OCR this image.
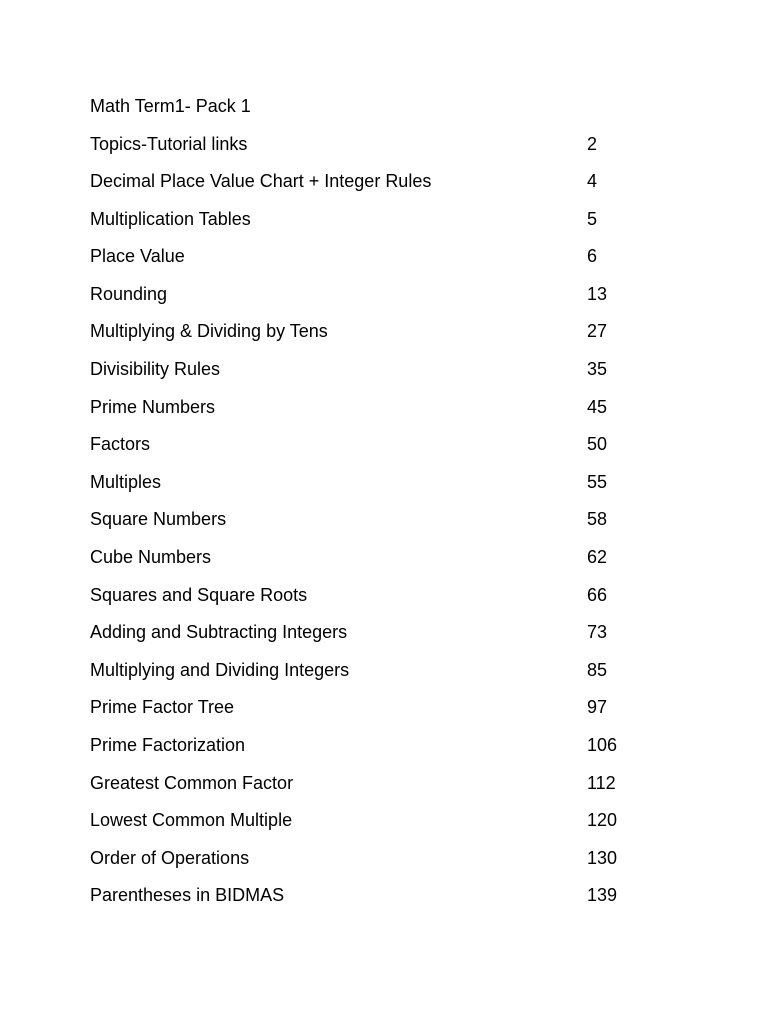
Math Term1- Pack 1
Topics-Tutorial links	2
Decimal Place Value Chart + Integer Rules	4
Multiplication Tables	5
Place Value	6
Rounding	13
Multiplying & Dividing by Tens	27
Divisibility Rules	35
Prime Numbers	45
Factors	50
Multiples	55
Square Numbers	58
Cube Numbers	62
Squares and Square Roots	66
Adding and Subtracting Integers	73
Multiplying and Dividing Integers	85
Prime Factor Tree	97
Prime Factorization	106
Greatest Common Factor	112
Lowest Common Multiple	120
Order of Operations	130
Parentheses in BIDMAS	139
